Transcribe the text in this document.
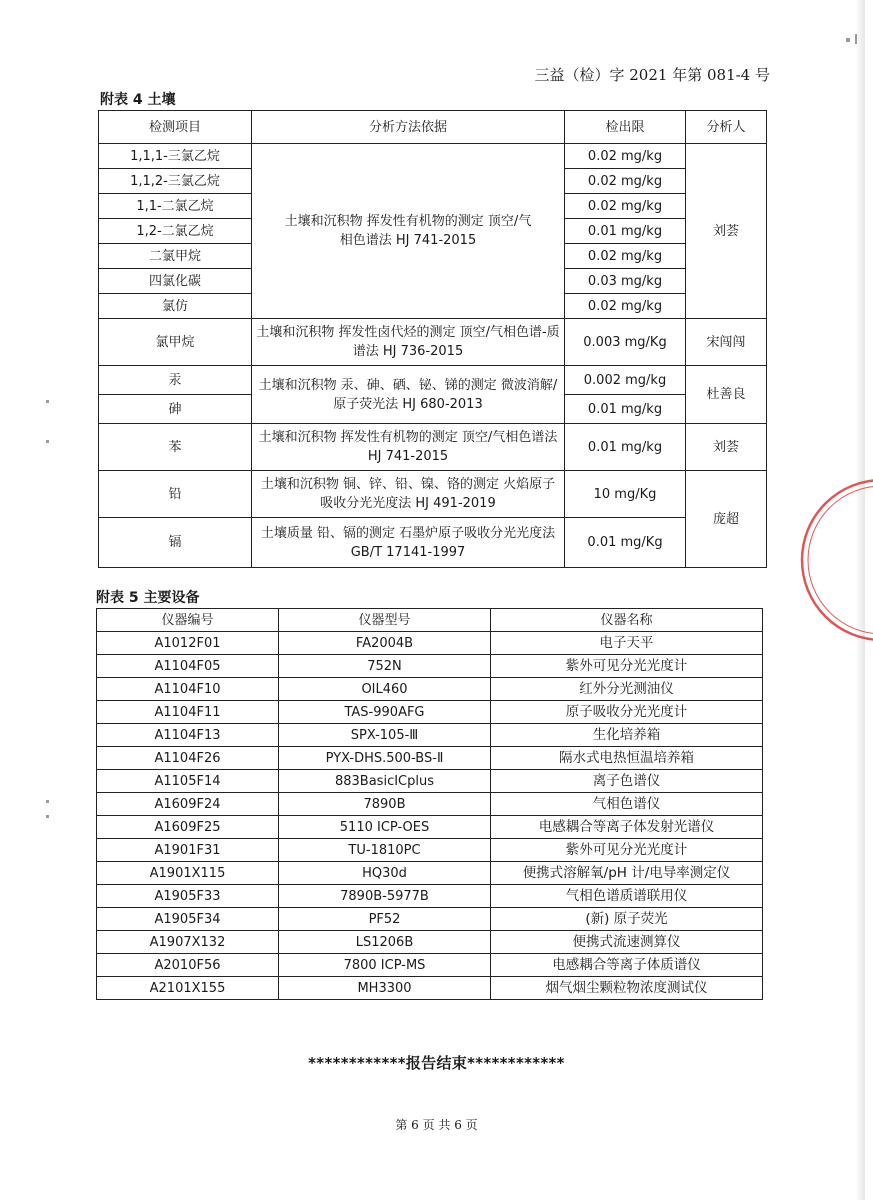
三益（检）字 2021 年第 081-4 号
附表 4 土壤
检测项目	分析方法依据	检出限	分析人
1,1,1-三氯乙烷	土壤和沉积物 挥发性有机物的测定 顶空/气相色谱法 HJ 741-2015	0.02 mg/kg	刘荟
1,1,2-三氯乙烷		0.02 mg/kg	
1,1-二氯乙烷		0.02 mg/kg	
1,2-二氯乙烷		0.01 mg/kg	
二氯甲烷		0.02 mg/kg	
四氯化碳		0.03 mg/kg	
氯仿		0.02 mg/kg	
氯甲烷	土壤和沉积物 挥发性卤代烃的测定 顶空/气相色谱-质谱法 HJ 736-2015	0.003 mg/Kg	宋闯闯
汞	土壤和沉积物 汞、砷、硒、铋、锑的测定 微波消解/原子荧光法 HJ 680-2013	0.002 mg/kg	杜善良
砷		0.01 mg/kg	
苯	土壤和沉积物 挥发性有机物的测定 顶空/气相色谱法 HJ 741-2015	0.01 mg/kg	刘荟
铅	土壤和沉积物 铜、锌、铅、镍、铬的测定 火焰原子吸收分光光度法 HJ 491-2019	10 mg/Kg	庞超
镉	土壤质量 铅、镉的测定 石墨炉原子吸收分光光度法 GB/T 17141-1997	0.01 mg/Kg	
附表 5 主要设备
仪器编号	仪器型号	仪器名称
A1012F01	FA2004B	电子天平
A1104F05	752N	紫外可见分光光度计
A1104F10	OIL460	红外分光测油仪
A1104F11	TAS-990AFG	原子吸收分光光度计
A1104F13	SPX-105-Ⅲ	生化培养箱
A1104F26	PYX-DHS.500-BS-Ⅱ	隔水式电热恒温培养箱
A1105F14	883BasicICplus	离子色谱仪
A1609F24	7890B	气相色谱仪
A1609F25	5110 ICP-OES	电感耦合等离子体发射光谱仪
A1901F31	TU-1810PC	紫外可见分光光度计
A1901X115	HQ30d	便携式溶解氧/pH 计/电导率测定仪
A1905F33	7890B-5977B	气相色谱质谱联用仪
A1905F34	PF52	(新) 原子荧光
A1907X132	LS1206B	便携式流速测算仪
A2010F56	7800 ICP-MS	电感耦合等离子体质谱仪
A2101X155	MH3300	烟气烟尘颗粒物浓度测试仪
************报告结束************
第 6 页 共 6 页
